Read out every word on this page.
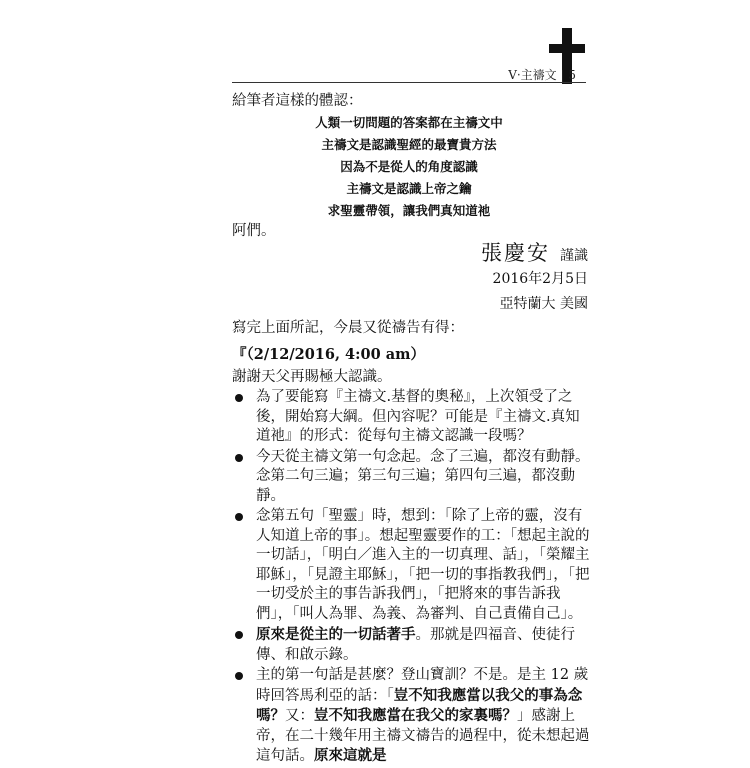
V‧主禱文 | 5
給筆者這樣的體認：
人類一切問題的答案都在主禱文中
主禱文是認識聖經的最寶貴方法
因為不是從人的角度認識
主禱文是認識上帝之鑰
求聖靈帶領，讓我們真知道祂
阿們。
張慶安 謹識
2016年2月5日
亞特蘭大 美國
寫完上面所記，今晨又從禱告有得：
『（2/12/2016, 4:00 am）
謝謝天父再賜極大認識。
為了要能寫『主禱文.基督的奧秘』，上次領受了之後，開始寫大綱。但內容呢？可能是『主禱文.真知道祂』的形式：從每句主禱文認識一段嗎？
今天從主禱文第一句念起。念了三遍，都沒有動靜。念第二句三遍；第三句三遍；第四句三遍，都沒動靜。
念第五句「聖靈」時，想到：「除了上帝的靈，沒有人知道上帝的事」。想起聖靈要作的工：「想起主說的一切話」，「明白／進入主的一切真理、話」，「榮耀主耶穌」，「見證主耶穌」，「把一切的事指教我們」，「把一切受於主的事告訴我們」，「把將來的事告訴我們」，「叫人為罪、為義、為審判、自己責備自己」。
原來是從主的一切話著手。那就是四福音、使徒行傳、和啟示錄。
主的第一句話是甚麼？登山寶訓？不是。是主 12 歲時回答馬利亞的話：「豈不知我應當以我父的事為念嗎？又：豈不知我應當在我父的家裏嗎？」感謝上帝，在二十幾年用主禱文禱告的過程中，從未想起過這句話。原來這就是
